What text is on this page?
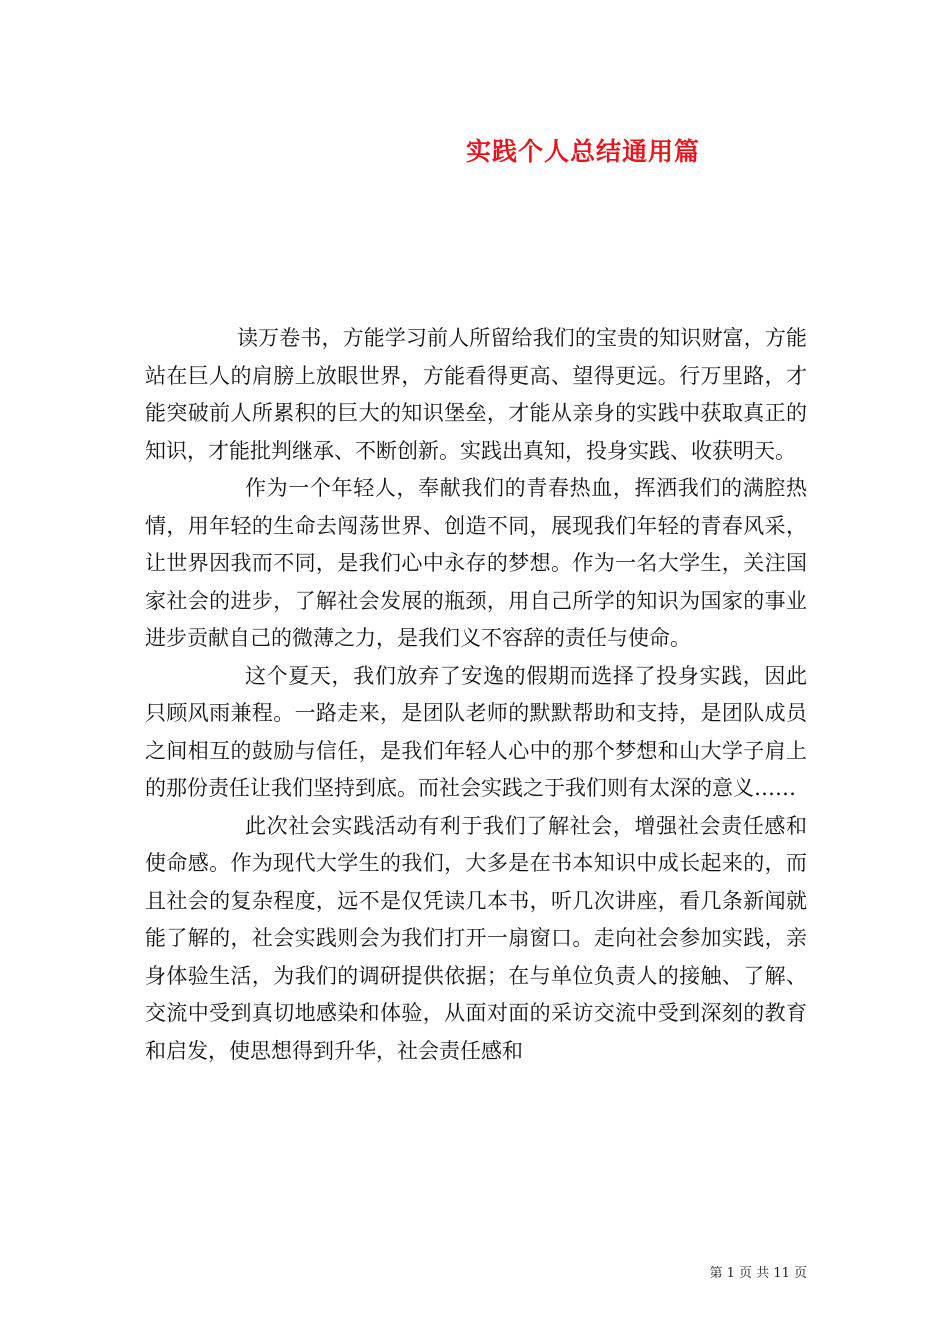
实践个人总结通用篇

读万卷书，方能学习前人所留给我们的宝贵的知识财富，方能站在巨人的肩膀上放眼世界，方能看得更高、望得更远。行万里路，才能突破前人所累积的巨大的知识堡垒，才能从亲身的实践中获取真正的知识，才能批判继承、不断创新。实践出真知，投身实践、收获明天。

作为一个年轻人，奉献我们的青春热血，挥洒我们的满腔热情，用年轻的生命去闯荡世界、创造不同，展现我们年轻的青春风采，让世界因我而不同，是我们心中永存的梦想。作为一名大学生，关注国家社会的进步，了解社会发展的瓶颈，用自己所学的知识为国家的事业进步贡献自己的微薄之力，是我们义不容辞的责任与使命。

这个夏天，我们放弃了安逸的假期而选择了投身实践，因此只顾风雨兼程。一路走来，是团队老师的默默帮助和支持，是团队成员之间相互的鼓励与信任，是我们年轻人心中的那个梦想和山大学子肩上的那份责任让我们坚持到底。而社会实践之于我们则有太深的意义……

此次社会实践活动有利于我们了解社会，增强社会责任感和使命感。作为现代大学生的我们，大多是在书本知识中成长起来的，而且社会的复杂程度，远不是仅凭读几本书，听几次讲座，看几条新闻就能了解的，社会实践则会为我们打开一扇窗口。走向社会参加实践，亲身体验生活，为我们的调研提供依据；在与单位负责人的接触、了解、交流中受到真切地感染和体验，从面对面的采访交流中受到深刻的教育和启发，使思想得到升华，社会责任感和

第 1 页 共 11 页
